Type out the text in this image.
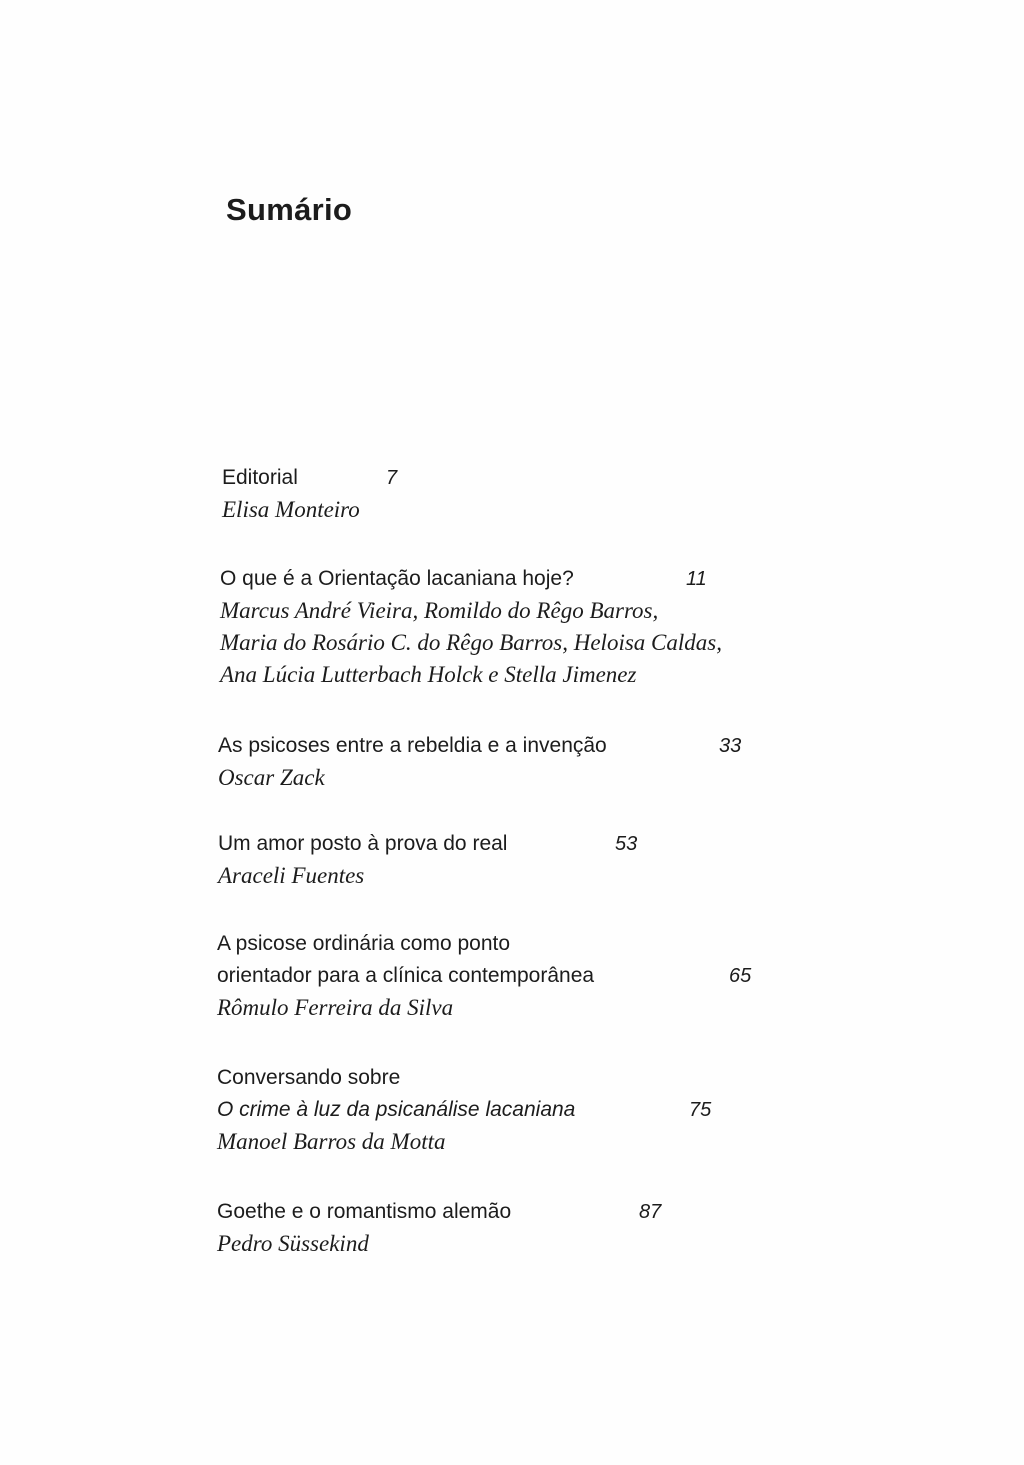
Sumário
Editorial	7
Elisa Monteiro
O que é a Orientação lacaniana hoje?	11
Marcus André Vieira, Romildo do Rêgo Barros,
Maria do Rosário C. do Rêgo Barros, Heloisa Caldas,
Ana Lúcia Lutterbach Holck e Stella Jimenez
As psicoses entre a rebeldia e a invenção	33
Oscar Zack
Um amor posto à prova do real	53
Araceli Fuentes
A psicose ordinária como ponto
orientador para a clínica contemporânea	65
Rômulo Ferreira da Silva
Conversando sobre
O crime à luz da psicanálise lacaniana	75
Manoel Barros da Motta
Goethe e o romantismo alemão	87
Pedro Süssekind
